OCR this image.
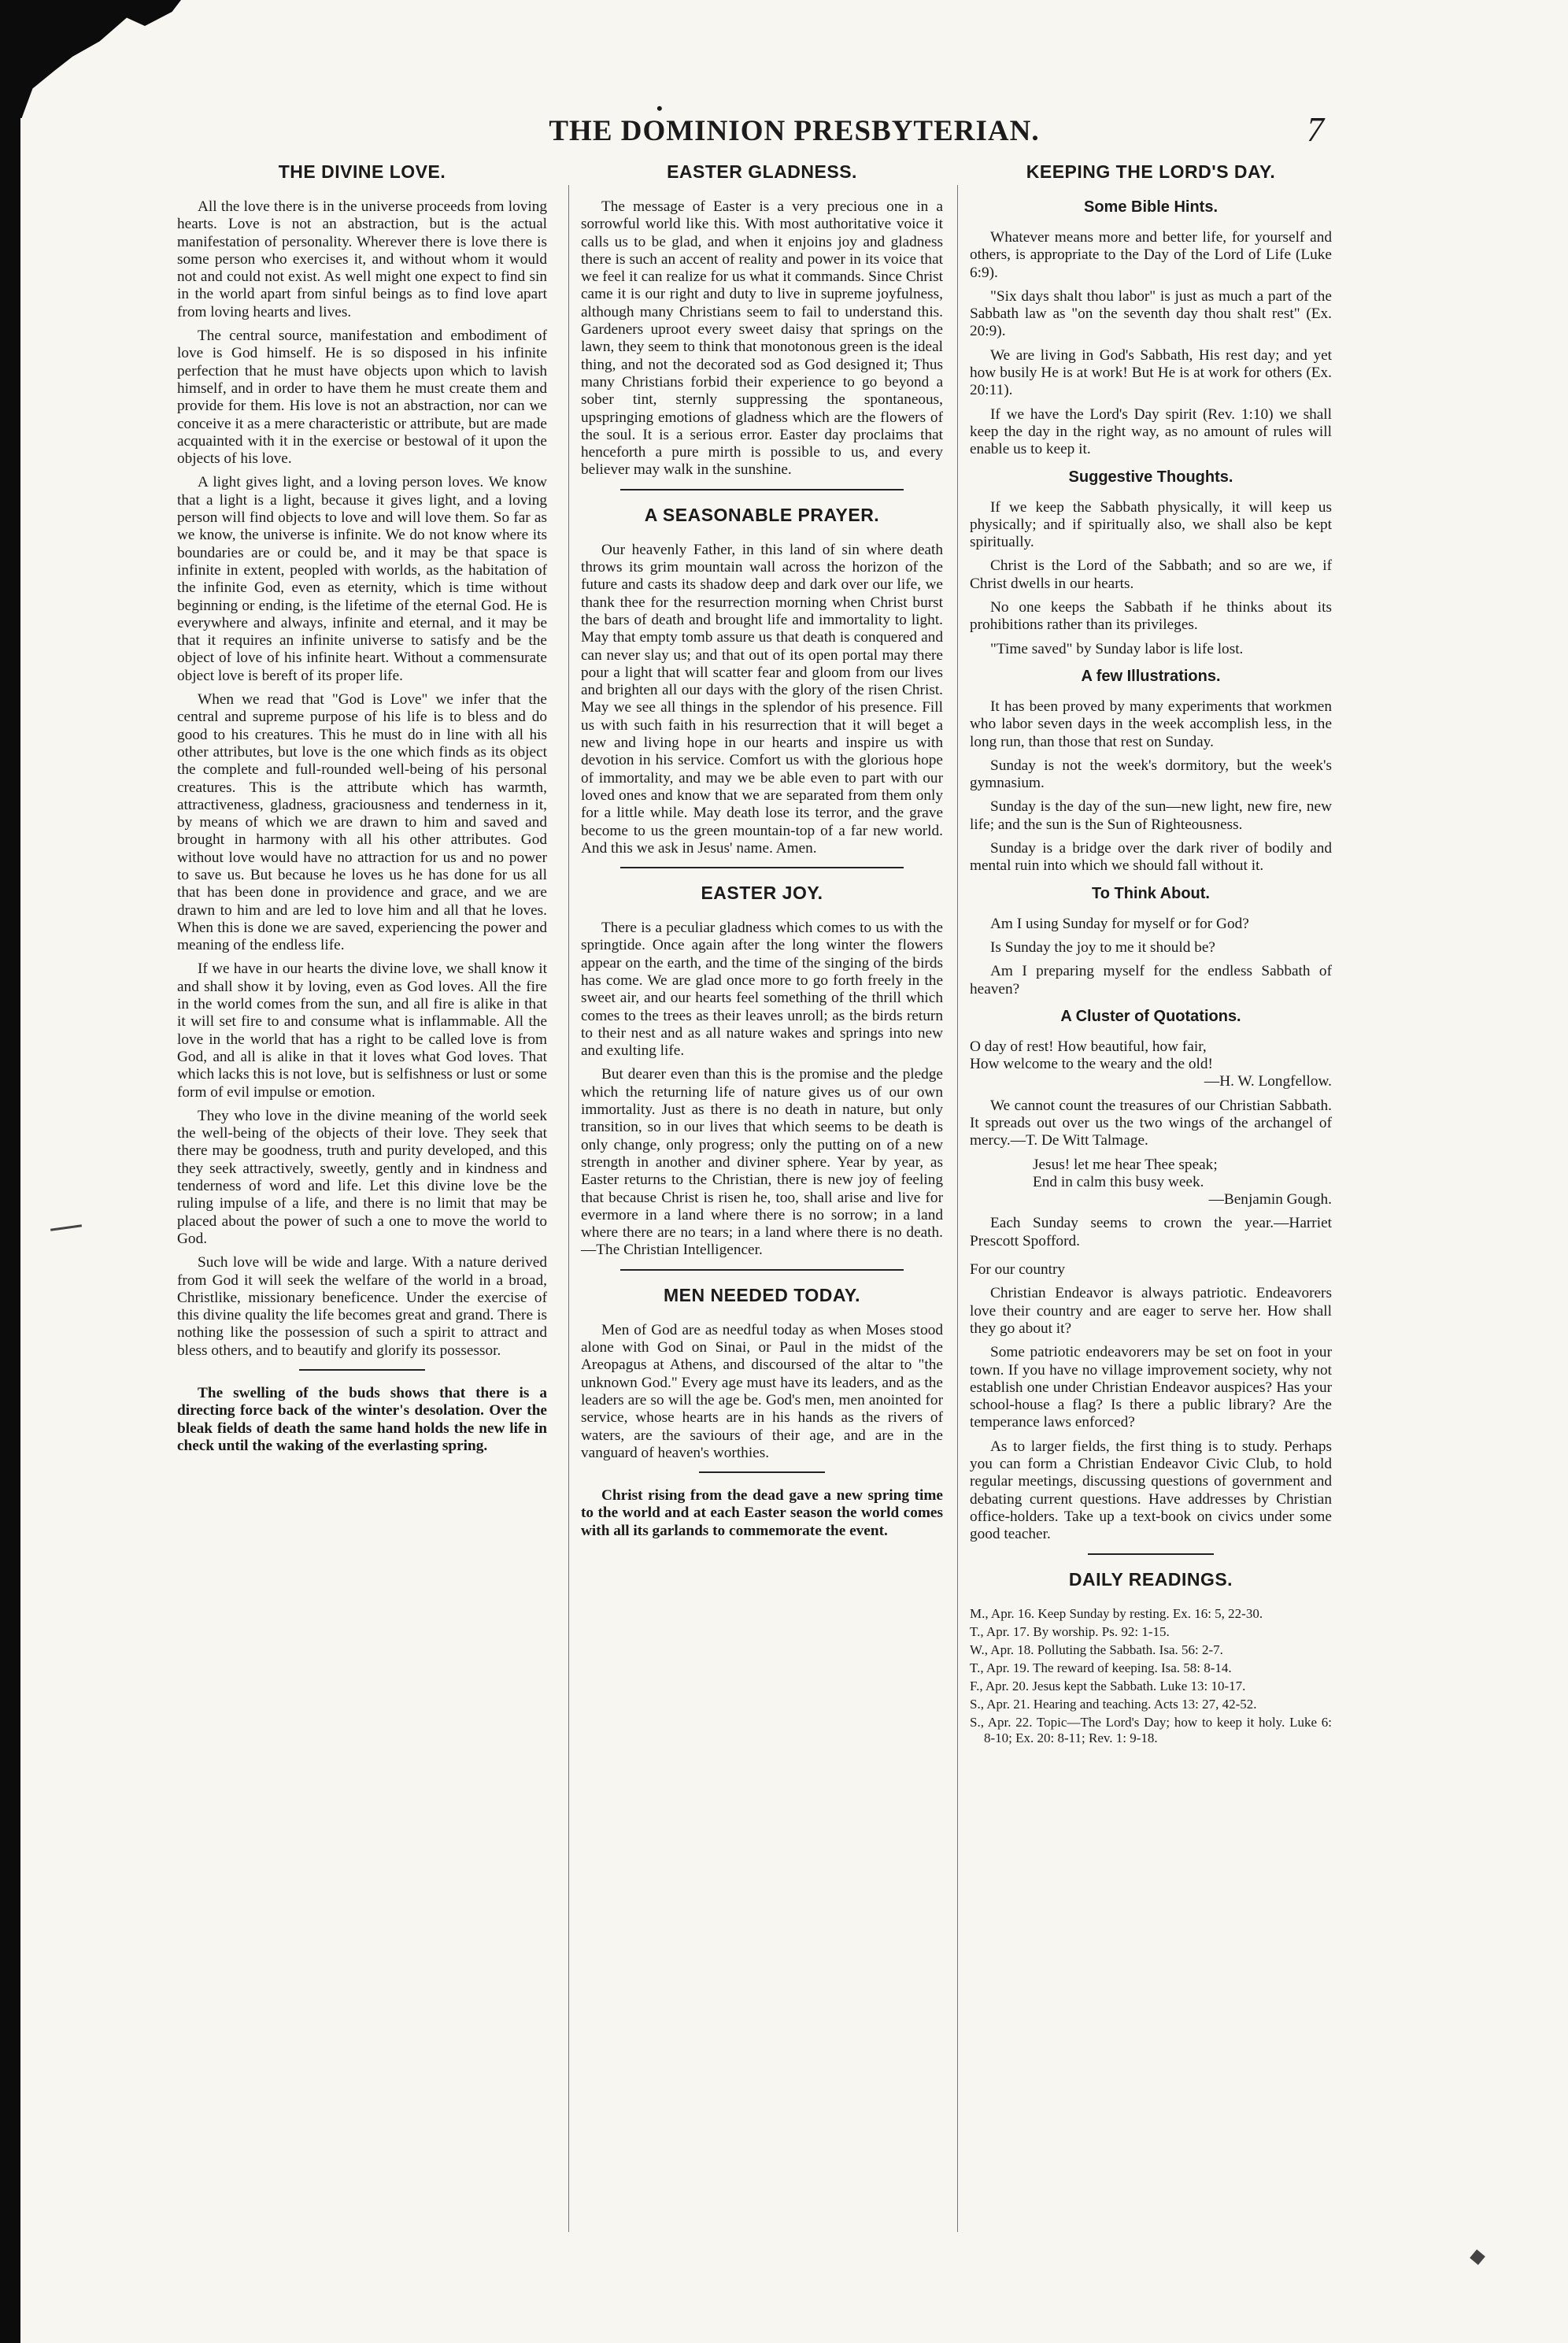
•
THE DOMINION PRESBYTERIAN.	7
THE DIVINE LOVE.

All the love there is in the universe proceeds from loving hearts. Love is not an abstraction, but is the actual manifestation of personality. Wherever there is love there is some person who exercises it, and without whom it would not and could not exist. As well might one expect to find sin in the world apart from sinful beings as to find love apart from loving hearts and lives.

The central source, manifestation and embodiment of love is God himself. He is so disposed in his infinite perfection that he must have objects upon which to lavish himself, and in order to have them he must create them and provide for them. His love is not an abstraction, nor can we conceive it as a mere characteristic or attribute, but are made acquainted with it in the exercise or bestowal of it upon the objects of his love.

A light gives light, and a loving person loves. We know that a light is a light, because it gives light, and a loving person will find objects to love and will love them. So far as we know, the universe is infinite. We do not know where its boundaries are or could be, and it may be that space is infinite in extent, peopled with worlds, as the habitation of the infinite God, even as eternity, which is time without beginning or ending, is the lifetime of the eternal God. He is everywhere and always, infinite and eternal, and it may be that it requires an infinite universe to satisfy and be the object of love of his infinite heart. Without a commensurate object love is bereft of its proper life.

When we read that "God is Love" we infer that the central and supreme purpose of his life is to bless and do good to his creatures. This he must do in line with all his other attributes, but love is the one which finds as its object the complete and full-rounded well-being of his personal creatures. This is the attribute which has warmth, attractiveness, gladness, graciousness and tenderness in it, by means of which we are drawn to him and saved and brought in harmony with all his other attributes. God without love would have no attraction for us and no power to save us. But because he loves us he has done for us all that has been done in providence and grace, and we are drawn to him and are led to love him and all that he loves. When this is done we are saved, experiencing the power and meaning of the endless life.

If we have in our hearts the divine love, we shall know it and shall show it by loving, even as God loves. All the fire in the world comes from the sun, and all fire is alike in that it will set fire to and consume what is inflammable. All the love in the world that has a right to be called love is from God, and all is alike in that it loves what God loves. That which lacks this is not love, but is selfishness or lust or some form of evil impulse or emotion.

They who love in the divine meaning of the world seek the well-being of the objects of their love. They seek that there may be goodness, truth and purity developed, and this they seek attractively, sweetly, gently and in kindness and tenderness of word and life. Let this divine love be the ruling impulse of a life, and there is no limit that may be placed about the power of such a one to move the world to God.

Such love will be wide and large. With a nature derived from God it will seek the welfare of the world in a broad, Christlike, missionary beneficence. Under the exercise of this divine quality the life becomes great and grand. There is nothing like the possession of such a spirit to attract and bless others, and to beautify and glorify its possessor.

The swelling of the buds shows that there is a directing force back of the winter's desolation. Over the bleak fields of death the same hand holds the new life in check until the waking of the everlasting spring.

EASTER GLADNESS.

The message of Easter is a very precious one in a sorrowful world like this. With most authoritative voice it calls us to be glad, and when it enjoins joy and gladness there is such an accent of reality and power in its voice that we feel it can realize for us what it commands. Since Christ came it is our right and duty to live in supreme joyfulness, although many Christians seem to fail to understand this. Gardeners uproot every sweet daisy that springs on the lawn, they seem to think that monotonous green is the ideal thing, and not the decorated sod as God designed it; Thus many Christians forbid their experience to go beyond a sober tint, sternly suppressing the spontaneous, upspringing emotions of gladness which are the flowers of the soul. It is a serious error. Easter day proclaims that henceforth a pure mirth is possible to us, and every believer may walk in the sunshine.

A SEASONABLE PRAYER.

Our heavenly Father, in this land of sin where death throws its grim mountain wall across the horizon of the future and casts its shadow deep and dark over our life, we thank thee for the resurrection morning when Christ burst the bars of death and brought life and immortality to light. May that empty tomb assure us that death is conquered and can never slay us; and that out of its open portal may there pour a light that will scatter fear and gloom from our lives and brighten all our days with the glory of the risen Christ. May we see all things in the splendor of his presence. Fill us with such faith in his resurrection that it will beget a new and living hope in our hearts and inspire us with devotion in his service. Comfort us with the glorious hope of immortality, and may we be able even to part with our loved ones and know that we are separated from them only for a little while. May death lose its terror, and the grave become to us the green mountain-top of a far new world. And this we ask in Jesus' name. Amen.

EASTER JOY.

There is a peculiar gladness which comes to us with the springtide. Once again after the long winter the flowers appear on the earth, and the time of the singing of the birds has come. We are glad once more to go forth freely in the sweet air, and our hearts feel something of the thrill which comes to the trees as their leaves unroll; as the birds return to their nest and as all nature wakes and springs into new and exulting life.

But dearer even than this is the promise and the pledge which the returning life of nature gives us of our own immortality. Just as there is no death in nature, but only transition, so in our lives that which seems to be death is only change, only progress; only the putting on of a new strength in another and diviner sphere. Year by year, as Easter returns to the Christian, there is new joy of feeling that because Christ is risen he, too, shall arise and live for evermore in a land where there is no sorrow; in a land where there are no tears; in a land where there is no death.—The Christian Intelligencer.

MEN NEEDED TODAY.

Men of God are as needful today as when Moses stood alone with God on Sinai, or Paul in the midst of the Areopagus at Athens, and discoursed of the altar to "the unknown God." Every age must have its leaders, and as the leaders are so will the age be. God's men, men anointed for service, whose hearts are in his hands as the rivers of waters, are the saviours of their age, and are in the vanguard of heaven's worthies.

Christ rising from the dead gave a new spring time to the world and at each Easter season the world comes with all its garlands to commemorate the event.

KEEPING THE LORD'S DAY.
Some Bible Hints.

Whatever means more and better life, for yourself and others, is appropriate to the Day of the Lord of Life (Luke 6:9).

"Six days shalt thou labor" is just as much a part of the Sabbath law as "on the seventh day thou shalt rest" (Ex. 20:9).

We are living in God's Sabbath, His rest day; and yet how busily He is at work! But He is at work for others (Ex. 20:11).

If we have the Lord's Day spirit (Rev. 1:10) we shall keep the day in the right way, as no amount of rules will enable us to keep it.

Suggestive Thoughts.

If we keep the Sabbath physically, it will keep us physically; and if spiritually also, we shall also be kept spiritually.

Christ is the Lord of the Sabbath; and so are we, if Christ dwells in our hearts.

No one keeps the Sabbath if he thinks about its prohibitions rather than its privileges.

"Time saved" by Sunday labor is life lost.

A few Illustrations.

It has been proved by many experiments that workmen who labor seven days in the week accomplish less, in the long run, than those that rest on Sunday.

Sunday is not the week's dormitory, but the week's gymnasium.

Sunday is the day of the sun—new light, new fire, new life; and the sun is the Sun of Righteousness.

Sunday is a bridge over the dark river of bodily and mental ruin into which we should fall without it.

To Think About.

Am I using Sunday for myself or for God?

Is Sunday the joy to me it should be?

Am I preparing myself for the endless Sabbath of heaven?

A Cluster of Quotations.

O day of rest! How beautiful, how fair,

How welcome to the weary and the old!

—H. W. Longfellow.

We cannot count the treasures of our Christian Sabbath. It spreads out over us the two wings of the archangel of mercy.—T. De Witt Talmage.

Jesus! let me hear Thee speak;

End in calm this busy week.

—Benjamin Gough.

Each Sunday seems to crown the year.—Harriet Prescott Spofford.

For our country

Christian Endeavor is always patriotic. Endeavorers love their country and are eager to serve her. How shall they go about it?

Some patriotic endeavorers may be set on foot in your town. If you have no village improvement society, why not establish one under Christian Endeavor auspices? Has your school-house a flag? Is there a public library? Are the temperance laws enforced?

As to larger fields, the first thing is to study. Perhaps you can form a Christian Endeavor Civic Club, to hold regular meetings, discussing questions of government and debating current questions. Have addresses by Christian office-holders. Take up a text-book on civics under some good teacher.

DAILY READINGS.

M., Apr. 16. Keep Sunday by resting. Ex. 16: 5, 22-30.

T., Apr. 17. By worship. Ps. 92: 1-15.

W., Apr. 18. Polluting the Sabbath. Isa. 56: 2-7.

T., Apr. 19. The reward of keeping. Isa. 58: 8-14.

F., Apr. 20. Jesus kept the Sabbath. Luke 13: 10-17.

S., Apr. 21. Hearing and teaching. Acts 13: 27, 42-52.

S., Apr. 22. Topic—The Lord's Day; how to keep it holy. Luke 6: 8-10; Ex. 20: 8-11; Rev. 1: 9-18.
